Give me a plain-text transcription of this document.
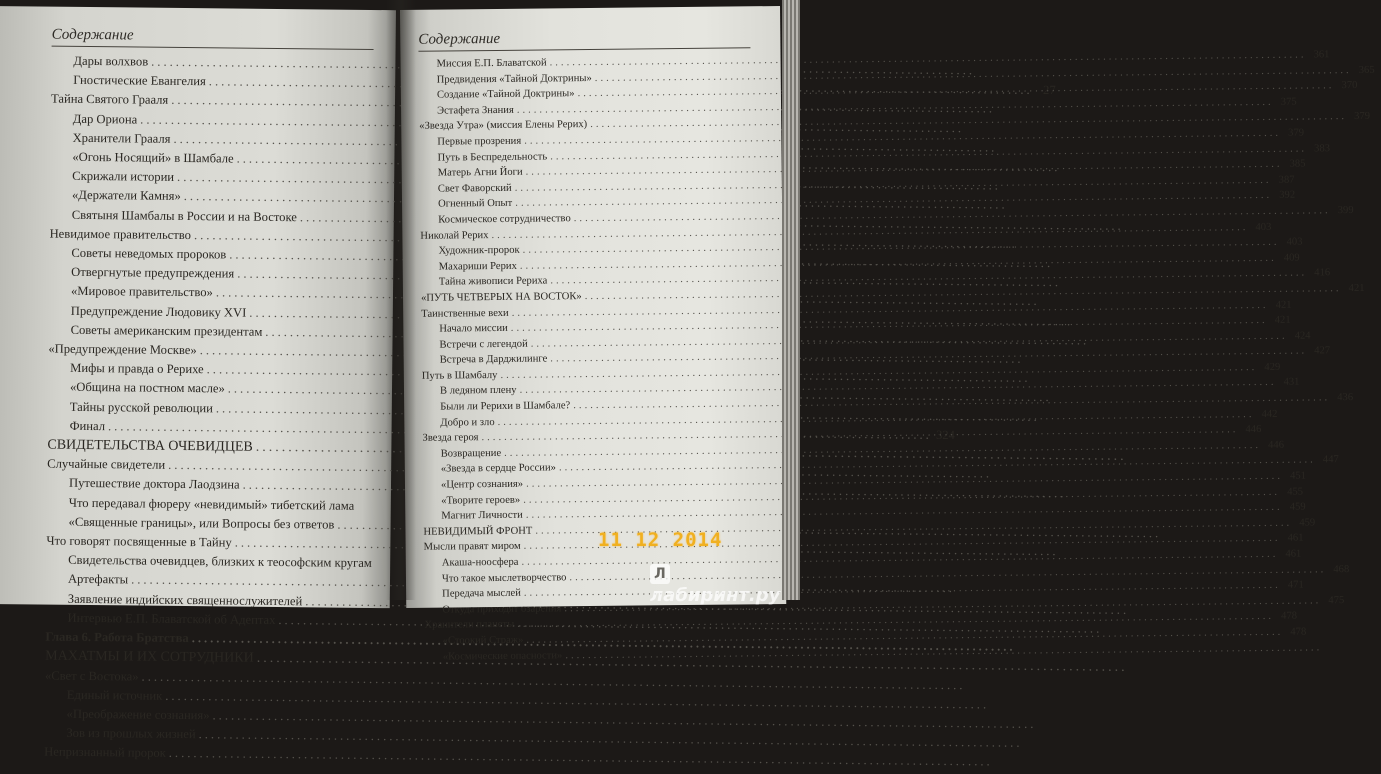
Содержание
Дары волхвов
.....
Гностические Евангелия
.....
27
Тайна Святого Грааля
.....
Дар Ориона
.....
Хранители Грааля
.....
«Огонь Носящий» в Шамбале
.....
Скрижали истории
.....
«Держатели Камня»
.....
Святыня Шамбалы в России и на Востоке
.....
Невидимое правительство
.....
Советы неведомых пророков
.....
Отвергнутые предупреждения
.....
«Мировое правительство»
.....
Предупреждение Людовику XVI
.....
Советы американским президентам
.....
«Предупреждение Москве»
.....
Мифы и правда о Рерихе
.....
«Община на постном масле»
.....
Тайны русской революции
.....
Финал
.....
324
СВИДЕТЕЛЬСТВА ОЧЕВИДЦЕВ
.....
Случайные свидетели
.....
Путешествие доктора Лаодзина
.....
Что передавал фюреру «невидимый» тибетский лама
.....
«Священные границы», или Вопросы без ответов
.....
Что говорят посвященные в Тайну
.....
Свидетельства очевидцев, близких к теософским кругам
.....
Артефакты
.....
Заявление индийских священнослужителей
.....
Интервью Е.П. Блаватской об Адептах
.....
Глава 6. Работа Братства
.....
МАХАТМЫ И ИХ СОТРУДНИКИ
.....
«Свет с Востока»
.....
Единый источник
.....
«Преображение сознания»
.....
Зов из прошлых жизней
.....
Непризнанный пророк
.....
Содержание
Миссия Е.П. Блаватской
.....
361
Предвидения «Тайной Доктрины»
.....
365
Создание «Тайной Доктрины»
.....
370
Эстафета Знания
.....
375
«Звезда Утра» (миссия Елены Рерих)
.....
379
Первые прозрения
.....
379
Путь в Беспредельность
.....
383
Матерь Агни Йоги
.....
385
Свет Фаворский
.....
387
Огненный Опыт
.....
392
Космическое сотрудничество
.....
399
Николай Рерих
.....
403
Художник-пророк
.....
403
Махариши Рерих
.....
409
Тайна живописи Рериха
.....
416
«ПУТЬ ЧЕТВЕРЫХ НА ВОСТОК»
.....
421
Таинственные вехи
.....
421
Начало миссии
.....
421
Встречи с легендой
.....
424
Встреча в Дарджилинге
.....
427
Путь в Шамбалу
.....
429
В ледяном плену
.....
431
Были ли Рерихи в Шамбале?
.....
436
Добро и зло
.....
442
Звезда героя
.....
446
Возвращение
.....
446
«Звезда в сердце России»
.....
447
«Центр сознания»
.....
451
«Творите героев»
.....
455
Магнит Личности
.....
459
НЕВИДИМЫЙ ФРОНТ
.....
459
Мысли правят миром
.....
461
Акаша-ноосфера
.....
461
Что такое мыслетворчество
.....
468
Передача мыслей
.....
471
Откуда приходят озарения
.....
475
Хранители планеты
.....
478
«Стоокий Страж»
.....
478
«Космические опасности»
.....
11 12 2014
Ллабиринт.ру
